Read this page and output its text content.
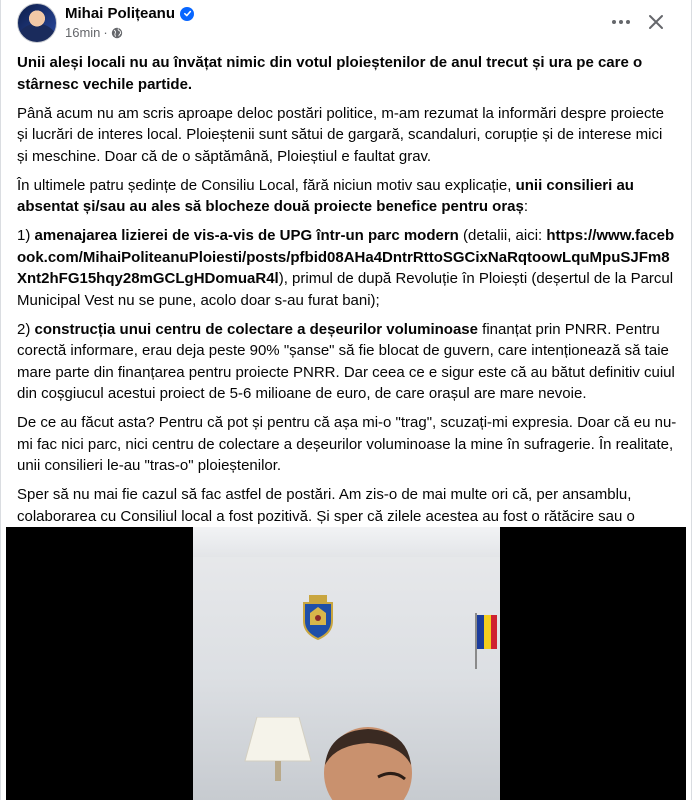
Mihai Polițeanu
16min ·

Unii aleși locali nu au învățat nimic din votul ploieștenilor de anul trecut și ura pe care o stârnesc vechile partide.

Până acum nu am scris aproape deloc postări politice, m-am rezumat la informări despre proiecte și lucrări de interes local. Ploieștenii sunt sătui de gargară, scandaluri, corupție și de interese mici și meschine. Doar că de o săptămână, Ploieștiul e faultat grav.

În ultimele patru ședințe de Consiliu Local, fără niciun motiv sau explicație, unii consilieri au absentat și/sau au ales să blocheze două proiecte benefice pentru oraș:

1) amenajarea lizierei de vis-a-vis de UPG într-un parc modern (detalii, aici: https://www.facebook.com/MihaiPoliteanuPloiesti/posts/pfbid08AHa4DntrRttoSGCixNaRqtoowLquMpuSJFm8Xnt2hFG15hqy28mGCLgHDomuaR4l), primul de după Revoluție în Ploiești (deșertul de la Parcul Municipal Vest nu se pune, acolo doar s-au furat bani);

2) construcția unui centru de colectare a deșeurilor voluminoase finanțat prin PNRR. Pentru corectă informare, erau deja peste 90% "șanse" să fie blocat de guvern, care intenționează să taie mare parte din finanțarea pentru proiecte PNRR. Dar ceea ce e sigur este că au bătut definitiv cuiul din coșgiucul acestui proiect de 5-6 milioane de euro, de care orașul are mare nevoie.

De ce au făcut asta? Pentru că pot și pentru că așa mi-o "trag", scuzați-mi expresia. Doar că eu nu-mi fac nici parc, nici centru de colectare a deșeurilor voluminoase la mine în sufragerie. În realitate, unii consilieri le-au "tras-o" ploieștenilor.

Sper să nu mai fie cazul să fac astfel de postări. Am zis-o de mai multe ori că, per ansamblu, colaborarea cu Consiliul local a fost pozitivă. Și sper că zilele acestea au fost o rătăcire sau o
